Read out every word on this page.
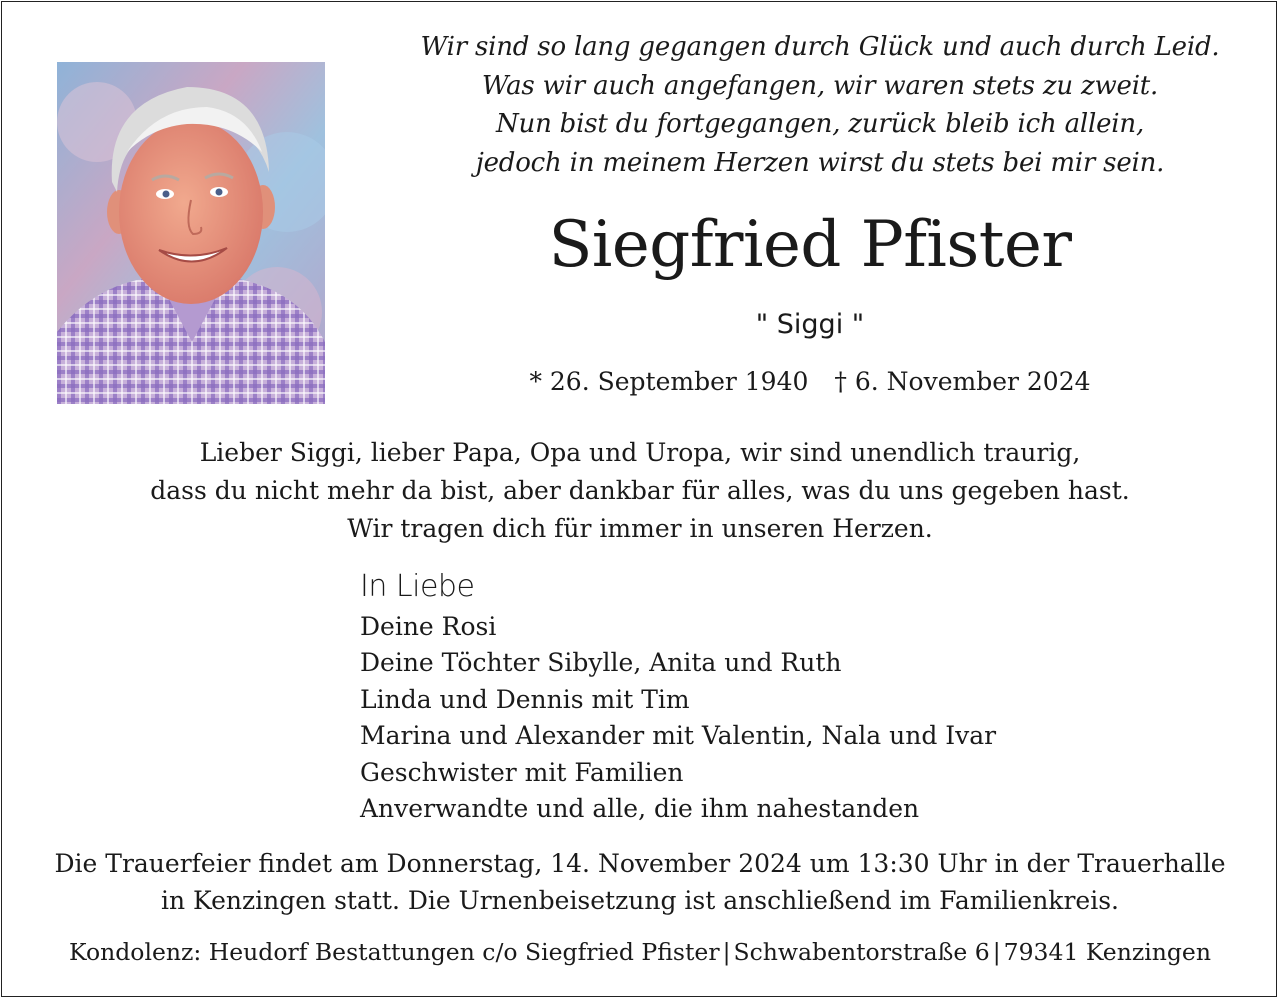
Wir sind so lang gegangen durch Glück und auch durch Leid.
Was wir auch angefangen, wir waren stets zu zweit.
Nun bist du fortgegangen, zurück bleib ich allein,
jedoch in meinem Herzen wirst du stets bei mir sein.
Siegfried Pfister
" Siggi "
* 26. September 1940 † 6. November 2024
Lieber Siggi, lieber Papa, Opa und Uropa, wir sind unendlich traurig,
dass du nicht mehr da bist, aber dankbar für alles, was du uns gegeben hast.
Wir tragen dich für immer in unseren Herzen.
In Liebe
Deine Rosi
Deine Töchter Sibylle, Anita und Ruth
Linda und Dennis mit Tim
Marina und Alexander mit Valentin, Nala und Ivar
Geschwister mit Familien
Anverwandte und alle, die ihm nahestanden
Die Trauerfeier findet am Donnerstag, 14. November 2024 um 13:30 Uhr in der Trauerhalle
in Kenzingen statt. Die Urnenbeisetzung ist anschließend im Familienkreis.
Kondolenz: Heudorf Bestattungen c/o Siegfried Pfister | Schwabentorstraße 6 | 79341 Kenzingen
